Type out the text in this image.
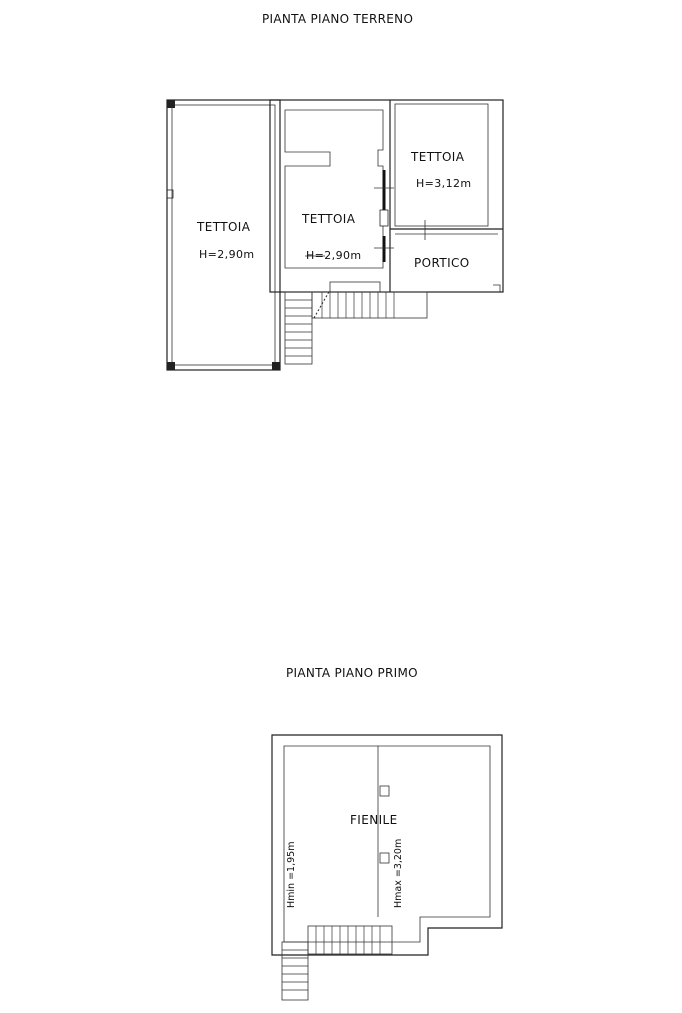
PIANTA PIANO TERRENO
TETTOIA
H=2,90m
TETTOIA
H=2,90m
TETTOIA
H=3,12m
PORTICO
PIANTA PIANO PRIMO
FIENILE
Hmin =1,95m	Hmax =3,20m
